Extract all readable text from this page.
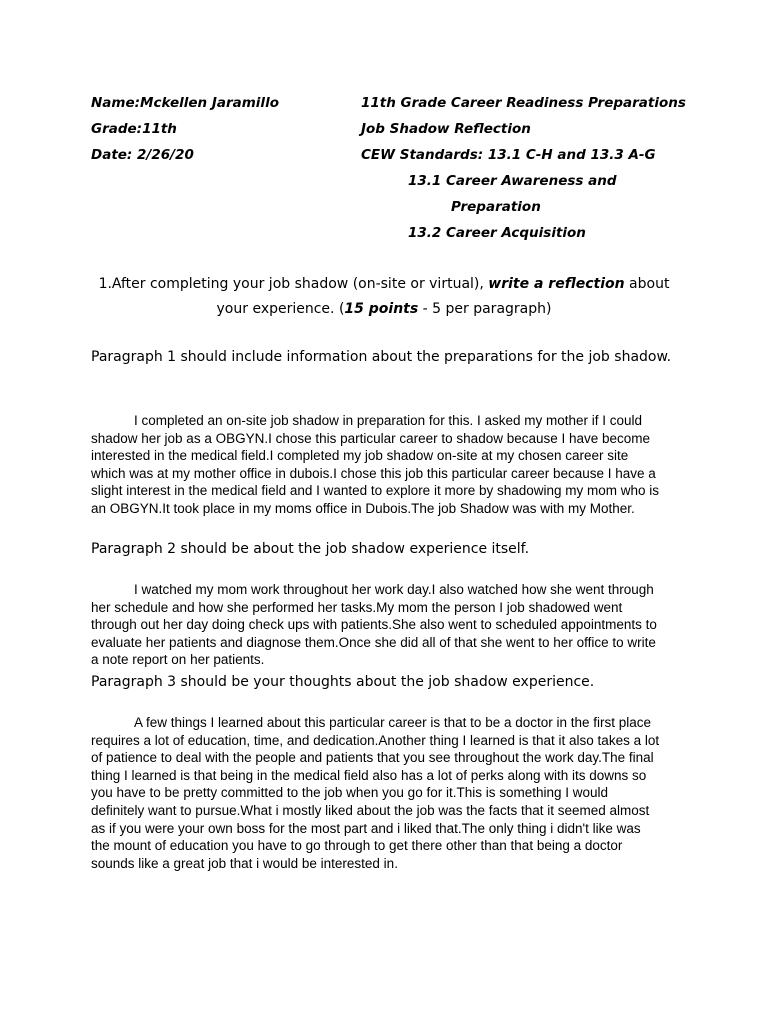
Name:Mckellen Jaramillo
Grade:11th
Date: 2/26/20
11th Grade Career Readiness Preparations
Job Shadow Reflection
CEW Standards: 13.1 C-H and 13.3 A-G
13.1 Career Awareness and
Preparation
13.2 Career Acquisition
1.After completing your job shadow (on-site or virtual), write a reflection about
your experience. (15 points - 5 per paragraph)
Paragraph 1 should include information about the preparations for the job shadow.
I completed an on-site job shadow in preparation for this. I asked my mother if I could shadow her job as a OBGYN.I chose this particular career to shadow because I have become interested in the medical field.I completed my job shadow on-site at my chosen career site which was at my mother office in dubois.I chose this job this particular career because I have a slight interest in the medical field and I wanted to explore it more by shadowing my mom who is an OBGYN.It took place in my moms office in Dubois.The job Shadow was with my Mother.
Paragraph 2 should be about the job shadow experience itself.
I watched my mom work throughout her work day.I also watched how she went through her schedule and how she performed her tasks.My mom the person I job shadowed went through out her day doing check ups with patients.She also went to scheduled appointments to evaluate her patients and diagnose them.Once she did all of that she went to her office to write a note report on her patients.
Paragraph 3 should be your thoughts about the job shadow experience.
A few things I learned about this particular career is that to be a doctor in the first place requires a lot of education, time, and dedication.Another thing I learned is that it also takes a lot of patience to deal with the people and patients that you see throughout the work day.The final thing I learned is that being in the medical field also has a lot of perks along with its downs so you have to be pretty committed to the job when you go for it.This is something I would definitely want to pursue.What i mostly liked about the job was the facts that it seemed almost as if you were your own boss for the most part and i liked that.The only thing i didn't like was the mount of education you have to go through to get there other than that being a doctor sounds like a great job that i would be interested in.
